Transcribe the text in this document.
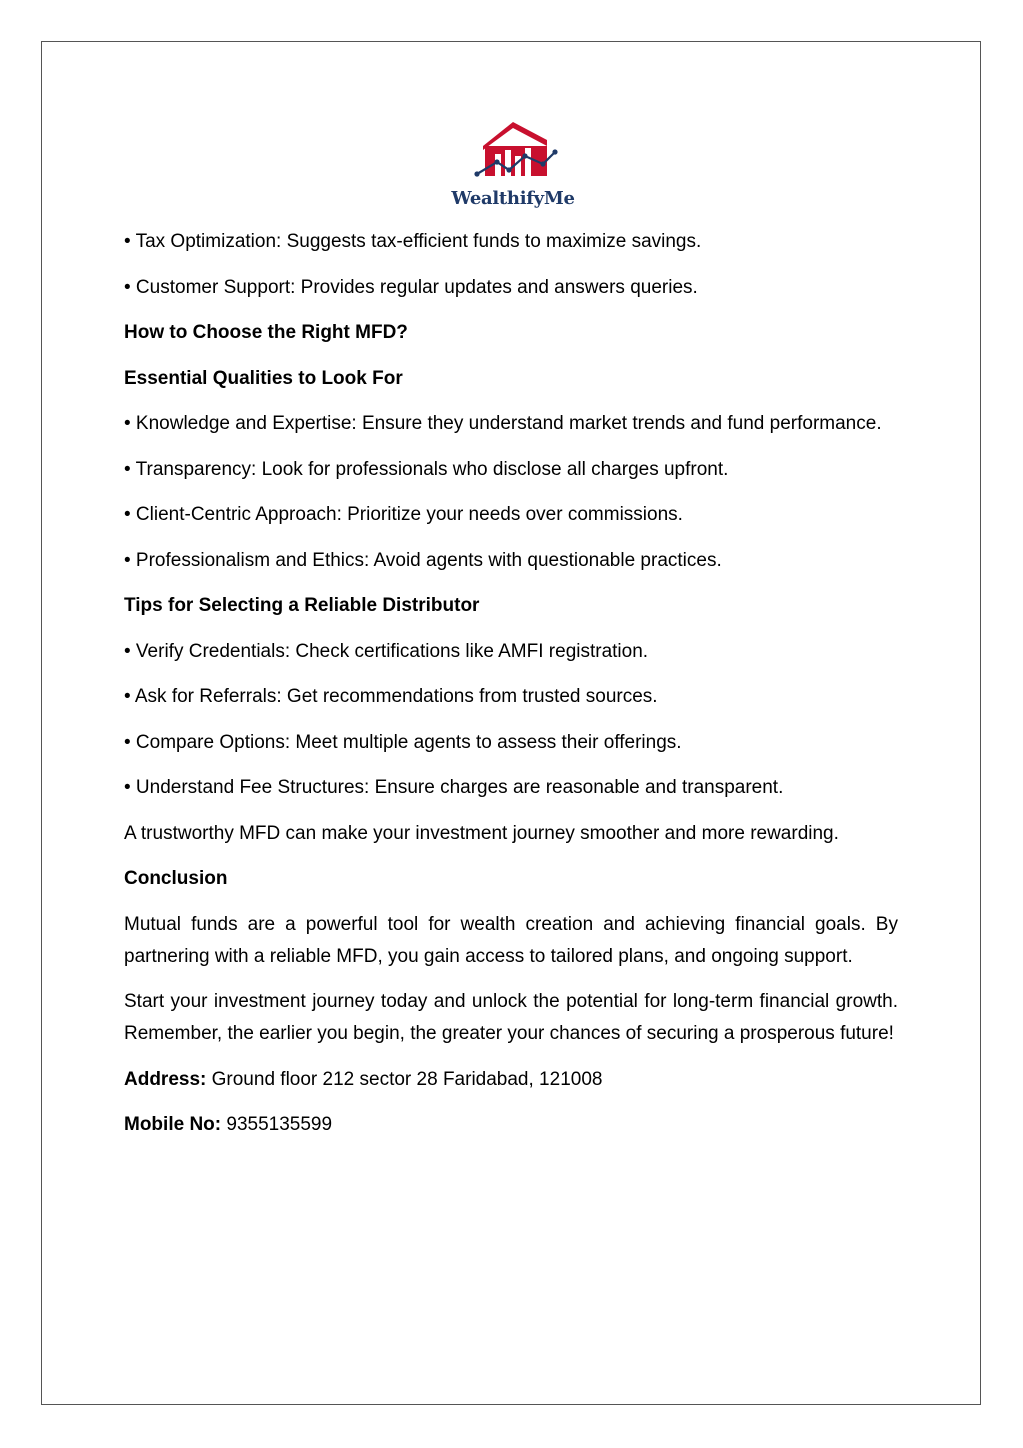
WealthifyMe

• Tax Optimization: Suggests tax-efficient funds to maximize savings.

• Customer Support: Provides regular updates and answers queries.

How to Choose the Right MFD?

Essential Qualities to Look For

• Knowledge and Expertise: Ensure they understand market trends and fund performance.

• Transparency: Look for professionals who disclose all charges upfront.

• Client-Centric Approach: Prioritize your needs over commissions.

• Professionalism and Ethics: Avoid agents with questionable practices.

Tips for Selecting a Reliable Distributor

• Verify Credentials: Check certifications like AMFI registration.

• Ask for Referrals: Get recommendations from trusted sources.

• Compare Options: Meet multiple agents to assess their offerings.

• Understand Fee Structures: Ensure charges are reasonable and transparent.

A trustworthy MFD can make your investment journey smoother and more rewarding.

Conclusion

Mutual funds are a powerful tool for wealth creation and achieving financial goals. By partnering with a reliable MFD, you gain access to tailored plans, and ongoing support.

Start your investment journey today and unlock the potential for long-term financial growth. Remember, the earlier you begin, the greater your chances of securing a prosperous future!

Address: Ground floor 212 sector 28 Faridabad, 121008

Mobile No: 9355135599
